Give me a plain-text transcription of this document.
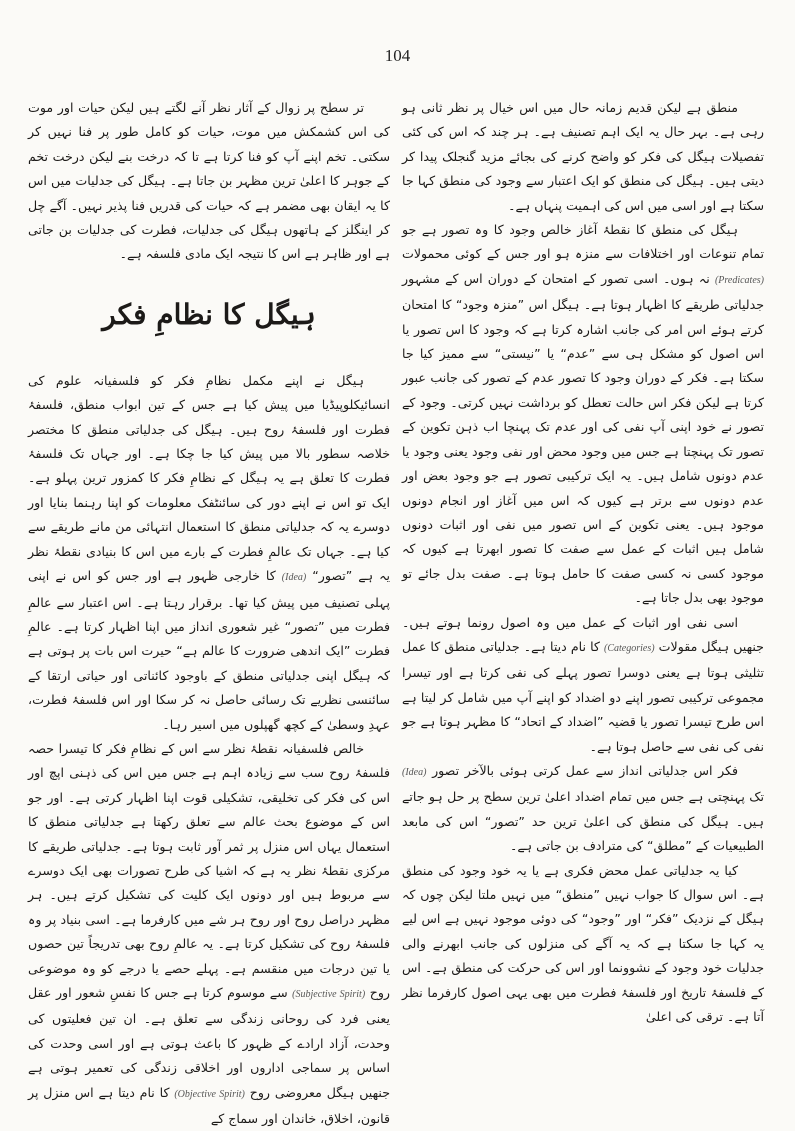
104

منطق ہے لیکن قدیم زمانہ حال میں اس خیال پر نظر ثانی ہو رہی ہے۔ بہر حال یہ ایک اہم تصنیف ہے۔ ہر چند کہ اس کی کئی تفصیلات ہیگل کی فکر کو واضح کرنے کی بجائے مزید گنجلک پیدا کر دیتی ہیں۔ ہیگل کی منطق کو ایک اعتبار سے وجود کی منطق کہا جا سکتا ہے اور اسی میں اس کی اہمیت پنہاں ہے۔

ہیگل کی منطق کا نقطۂ آغاز خالص وجود کا وہ تصور ہے جو تمام تنوعات اور اختلافات سے منزہ ہو اور جس کے کوئی محمولات (Predicates) نہ ہوں۔ اسی تصور کے امتحان کے دوران اس کے مشہور جدلیاتی طریقے کا اظہار ہوتا ہے۔ ہیگل اس ”منزہ وجود“ کا امتحان کرتے ہوئے اس امر کی جانب اشارہ کرتا ہے کہ وجود کا اس تصور یا اس اصول کو مشکل ہی سے ”عدم“ یا ”نیستی“ سے ممیز کیا جا سکتا ہے۔ فکر کے دوران وجود کا تصور عدم کے تصور کی جانب عبور کرتا ہے لیکن فکر اس حالت تعطل کو برداشت نہیں کرتی۔ وجود کے تصور نے خود اپنی آپ نفی کی اور عدم تک پہنچا اب ذہن تکوین کے تصور تک پہنچتا ہے جس میں وجود محض اور نفی وجود یعنی وجود یا عدم دونوں شامل ہیں۔ یہ ایک ترکیبی تصور ہے جو وجود بعض اور عدم دونوں سے برتر ہے کیوں کہ اس میں آغاز اور انجام دونوں موجود ہیں۔ یعنی تکوین کے اس تصور میں نفی اور اثبات دونوں شامل ہیں اثبات کے عمل سے صفت کا تصور ابھرتا ہے کیوں کہ موجود کسی نہ کسی صفت کا حامل ہوتا ہے۔ صفت بدل جائے تو موجود بھی بدل جاتا ہے۔

اسی نفی اور اثبات کے عمل میں وہ اصول رونما ہوتے ہیں۔ جنھیں ہیگل مقولات (Categories) کا نام دیتا ہے۔ جدلیاتی منطق کا عمل تثلیثی ہوتا ہے یعنی دوسرا تصور پہلے کی نفی کرتا ہے اور تیسرا مجموعی ترکیبی تصور اپنے دو اضداد کو اپنے آپ میں شامل کر لیتا ہے اس طرح تیسرا تصور یا قضیہ ”اضداد کے اتحاد“ کا مظہر ہوتا ہے جو نفی کی نفی سے حاصل ہوتا ہے۔

فکر اس جدلیاتی انداز سے عمل کرتی ہوئی بالآخر تصور (Idea) تک پہنچتی ہے جس میں تمام اضداد اعلیٰ ترین سطح پر حل ہو جاتے ہیں۔ ہیگل کی منطق کی اعلیٰ ترین حد ”تصور“ اس کی مابعد الطبیعیات کے ”مطلق“ کی مترادف بن جاتی ہے۔

کیا یہ جدلیاتی عمل محض فکری ہے یا یہ خود وجود کی منطق ہے۔ اس سوال کا جواب نہیں ”منطق“ میں نہیں ملتا لیکن چوں کہ ہیگل کے نزدیک ”فکر“ اور ”وجود“ کی دوئی موجود نہیں ہے اس لیے یہ کہا جا سکتا ہے کہ یہ آگے کی منزلوں کی جانب ابھرنے والی جدلیات خود وجود کے نشوونما اور اس کی حرکت کی منطق ہے۔ اس کے فلسفۂ تاریخ اور فلسفۂ فطرت میں بھی یہی اصول کارفرما نظر آتا ہے۔ ترقی کی اعلیٰ

تر سطح پر زوال کے آثار نظر آنے لگتے ہیں لیکن حیات اور موت کی اس کشمکش میں موت، حیات کو کامل طور پر فنا نہیں کر سکتی۔ تخم اپنے آپ کو فنا کرتا ہے تا کہ درخت بنے لیکن درخت تخم کے جوہر کا اعلیٰ ترین مظہر بن جاتا ہے۔ ہیگل کی جدلیات میں اس کا یہ ایقان بھی مضمر ہے کہ حیات کی قدریں فنا پذیر نہیں۔ آگے چل کر اینگلز کے ہاتھوں ہیگل کی جدلیات، فطرت کی جدلیات بن جاتی ہے اور ظاہر ہے اس کا نتیجہ ایک مادی فلسفہ ہے۔

ہیگل کا نظامِ فکر

ہیگل نے اپنے مکمل نظامِ فکر کو فلسفیانہ علوم کی انسائیکلوپیڈیا میں پیش کیا ہے جس کے تین ابواب منطق، فلسفۂ فطرت اور فلسفۂ روح ہیں۔ ہیگل کی جدلیاتی منطق کا مختصر خلاصہ سطور بالا میں پیش کیا جا چکا ہے۔ اور جہاں تک فلسفۂ فطرت کا تعلق ہے یہ ہیگل کے نظامِ فکر کا کمزور ترین پہلو ہے۔ ایک تو اس نے اپنے دور کی سائنٹفک معلومات کو اپنا رہنما بنایا اور دوسرے یہ کہ جدلیاتی منطق کا استعمال انتہائی من مانے طریقے سے کیا ہے۔ جہاں تک عالمِ فطرت کے بارے میں اس کا بنیادی نقطۂ نظر یہ ہے ”تصور“ (Idea) کا خارجی ظہور ہے اور جس کو اس نے اپنی پہلی تصنیف میں پیش کیا تھا۔ برقرار رہتا ہے۔ اس اعتبار سے عالمِ فطرت میں ”تصور“ غیر شعوری انداز میں اپنا اظہار کرتا ہے۔ عالمِ فطرت ”ایک اندھی ضرورت کا عالم ہے“ حیرت اس بات پر ہوتی ہے کہ ہیگل اپنی جدلیاتی منطق کے باوجود کائناتی اور حیاتی ارتقا کے سائنسی نظریے تک رسائی حاصل نہ کر سکا اور اس فلسفۂ فطرت، عہدِ وسطیٰ کے کچھ گھپلوں میں اسیر رہا۔

خالص فلسفیانہ نقطۂ نظر سے اس کے نظامِ فکر کا تیسرا حصہ فلسفۂ روح سب سے زیادہ اہم ہے جس میں اس کی ذہنی اپچ اور اس کی فکر کی تخلیقی، تشکیلی قوت اپنا اظہار کرتی ہے۔ اور جو اس کے موضوع بحث عالم سے تعلق رکھتا ہے جدلیاتی منطق کا استعمال یہاں اس منزل پر ثمر آور ثابت ہوتا ہے۔ جدلیاتی طریقے کا مرکزی نقطۂ نظر یہ ہے کہ اشیا کی طرح تصورات بھی ایک دوسرے سے مربوط ہیں اور دونوں ایک کلیت کی تشکیل کرتے ہیں۔ ہر مظہر دراصل روح اور روح ہر شے میں کارفرما ہے۔ اسی بنیاد پر وہ فلسفۂ روح کی تشکیل کرتا ہے۔ یہ عالمِ روح بھی تدریجاً تین حصوں یا تین درجات میں منقسم ہے۔ پہلے حصے یا درجے کو وہ موضوعی روح (Subjective Spirit) سے موسوم کرتا ہے جس کا نفسِ شعور اور عقل یعنی فرد کی روحانی زندگی سے تعلق ہے۔ ان تین فعلیتوں کی وحدت، آزاد ارادے کے ظہور کا باعث ہوتی ہے اور اسی وحدت کی اساس پر سماجی اداروں اور اخلاقی زندگی کی تعمیر ہوتی ہے جنھیں ہیگل معروضی روح (Objective Spirit) کا نام دیتا ہے اس منزل پر قانون، اخلاق، خاندان اور سماج کے
